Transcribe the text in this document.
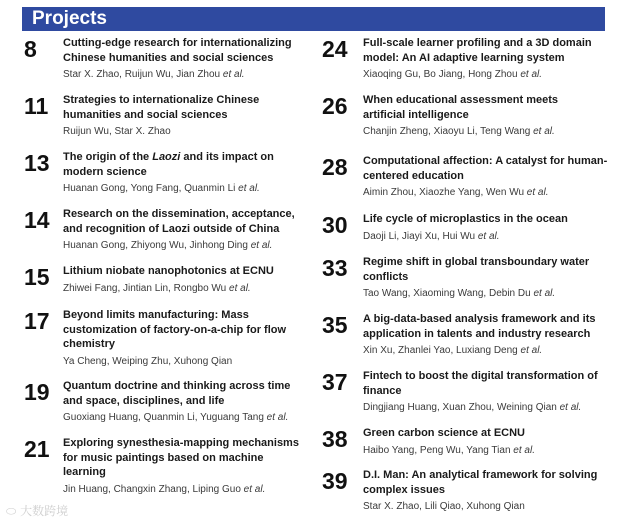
Projects
8	Cutting-edge research for internationalizing Chinese humanities and social sciences

Star X. Zhao, Ruijun Wu, Jian Zhou et al.
11	Strategies to internationalize Chinese humanities and social sciences

Ruijun Wu, Star X. Zhao
13	The origin of the Laozi and its impact on modern science

Huanan Gong, Yong Fang, Quanmin Li et al.
14	Research on the dissemination, acceptance, and recognition of Laozi outside of China

Huanan Gong, Zhiyong Wu, Jinhong Ding et al.
15	Lithium niobate nanophotonics at ECNU

Zhiwei Fang, Jintian Lin, Rongbo Wu et al.
17	Beyond limits manufacturing: Mass customization of factory-on-a-chip for flow chemistry

Ya Cheng, Weiping Zhu, Xuhong Qian
19	Quantum doctrine and thinking across time and space, disciplines, and life

Guoxiang Huang, Quanmin Li, Yuguang Tang et al.
21	Exploring synesthesia-mapping mechanisms for music paintings based on machine learning

Jin Huang, Changxin Zhang, Liping Guo et al.
24	Full-scale learner profiling and a 3D domain model: An AI adaptive learning system

Xiaoqing Gu, Bo Jiang, Hong Zhou et al.
26	When educational assessment meets artificial intelligence

Chanjin Zheng, Xiaoyu Li, Teng Wang et al.
28	Computational affection: A catalyst for human-centered education

Aimin Zhou, Xiaozhe Yang, Wen Wu et al.
30	Life cycle of microplastics in the ocean

Daoji Li, Jiayi Xu, Hui Wu et al.
33	Regime shift in global transboundary water conflicts

Tao Wang, Xiaoming Wang, Debin Du et al.
35	A big-data-based analysis framework and its application in talents and industry research

Xin Xu, Zhanlei Yao, Luxiang Deng et al.
37	Fintech to boost the digital transformation of finance

Dingjiang Huang, Xuan Zhou, Weining Qian et al.
38	Green carbon science at ECNU

Haibo Yang, Peng Wu, Yang Tian et al.
39	D.I. Man: An analytical framework for solving complex issues

Star X. Zhao, Lili Qiao, Xuhong Qian
⬭ 大数跨境
